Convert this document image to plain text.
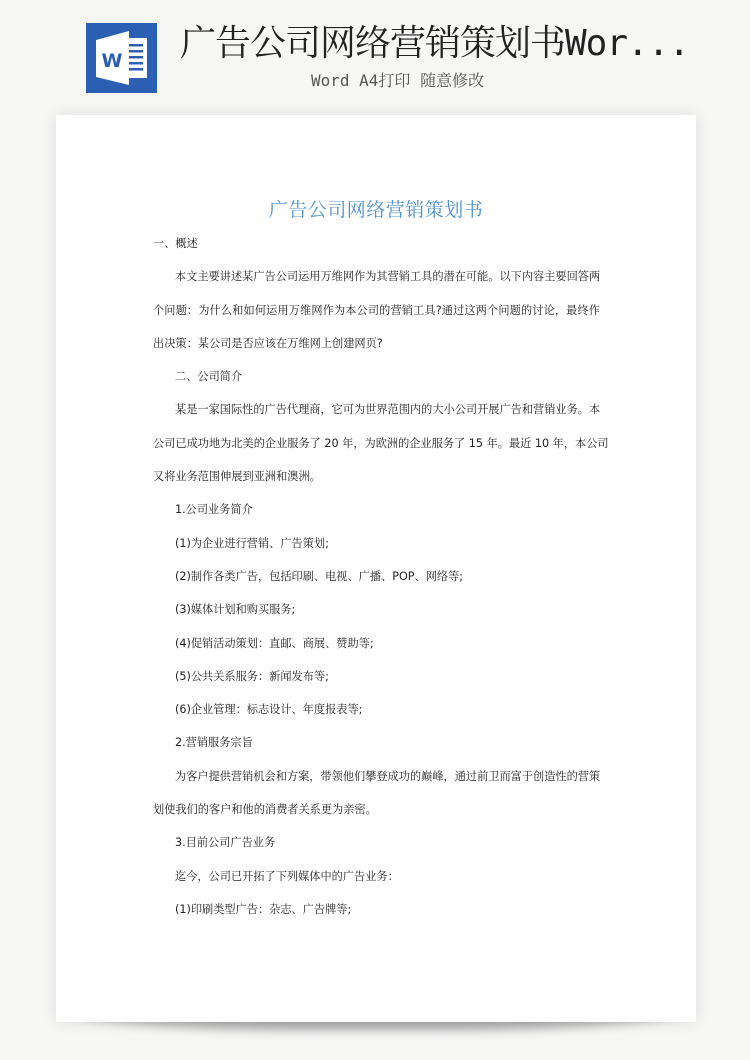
W 广告公司网络营销策划书Wor...
Word A4打印 随意修改
广告公司网络营销策划书
一、概述
本文主要讲述某广告公司运用万维网作为其营销工具的潜在可能。以下内容主要回答两
个问题：为什么和如何运用万维网作为本公司的营销工具?通过这两个问题的讨论，最终作
出决策：某公司是否应该在万维网上创建网页?
二、公司简介
某是一家国际性的广告代理商，它可为世界范围内的大小公司开展广告和营销业务。本
公司已成功地为北美的企业服务了 20 年，为欧洲的企业服务了 15 年。最近 10 年，本公司
又将业务范围伸展到亚洲和澳洲。
1.公司业务简介
(1)为企业进行营销、广告策划;
(2)制作各类广告，包括印刷、电视、广播、POP、网络等;
(3)媒体计划和购买服务;
(4)促销活动策划：直邮、商展、赞助等;
(5)公共关系服务：新闻发布等;
(6)企业管理：标志设计、年度报表等;
2.营销服务宗旨
为客户提供营销机会和方案，带领他们攀登成功的巅峰，通过前卫而富于创造性的营策
划使我们的客户和他的消费者关系更为亲密。
3.目前公司广告业务
迄今，公司已开拓了下列媒体中的广告业务：
(1)印刷类型广告：杂志、广告牌等;
